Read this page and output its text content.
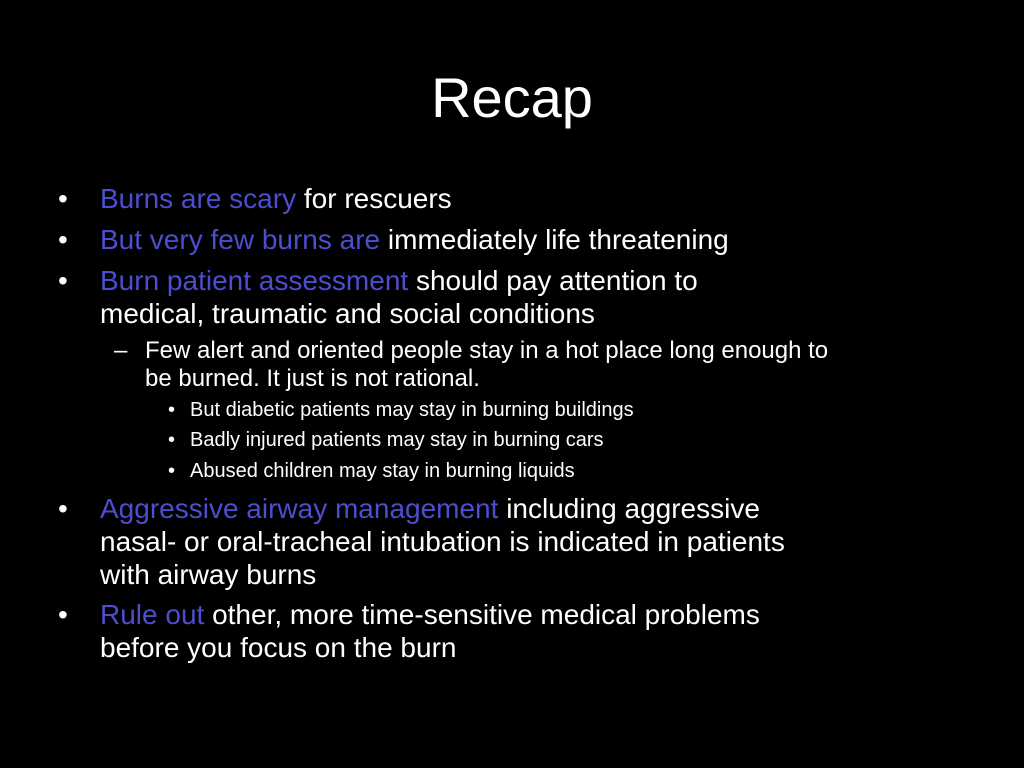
Recap
• Burns are scary for rescuers
• But very few burns are immediately life threatening
• Burn patient assessment should pay attention to
medical, traumatic and social conditions
– Few alert and oriented people stay in a hot place long enough to
be burned. It just is not rational.
• But diabetic patients may stay in burning buildings
• Badly injured patients may stay in burning cars
• Abused children may stay in burning liquids
• Aggressive airway management including aggressive
nasal- or oral-tracheal intubation is indicated in patients
with airway burns
• Rule out other, more time-sensitive medical problems
before you focus on the burn
